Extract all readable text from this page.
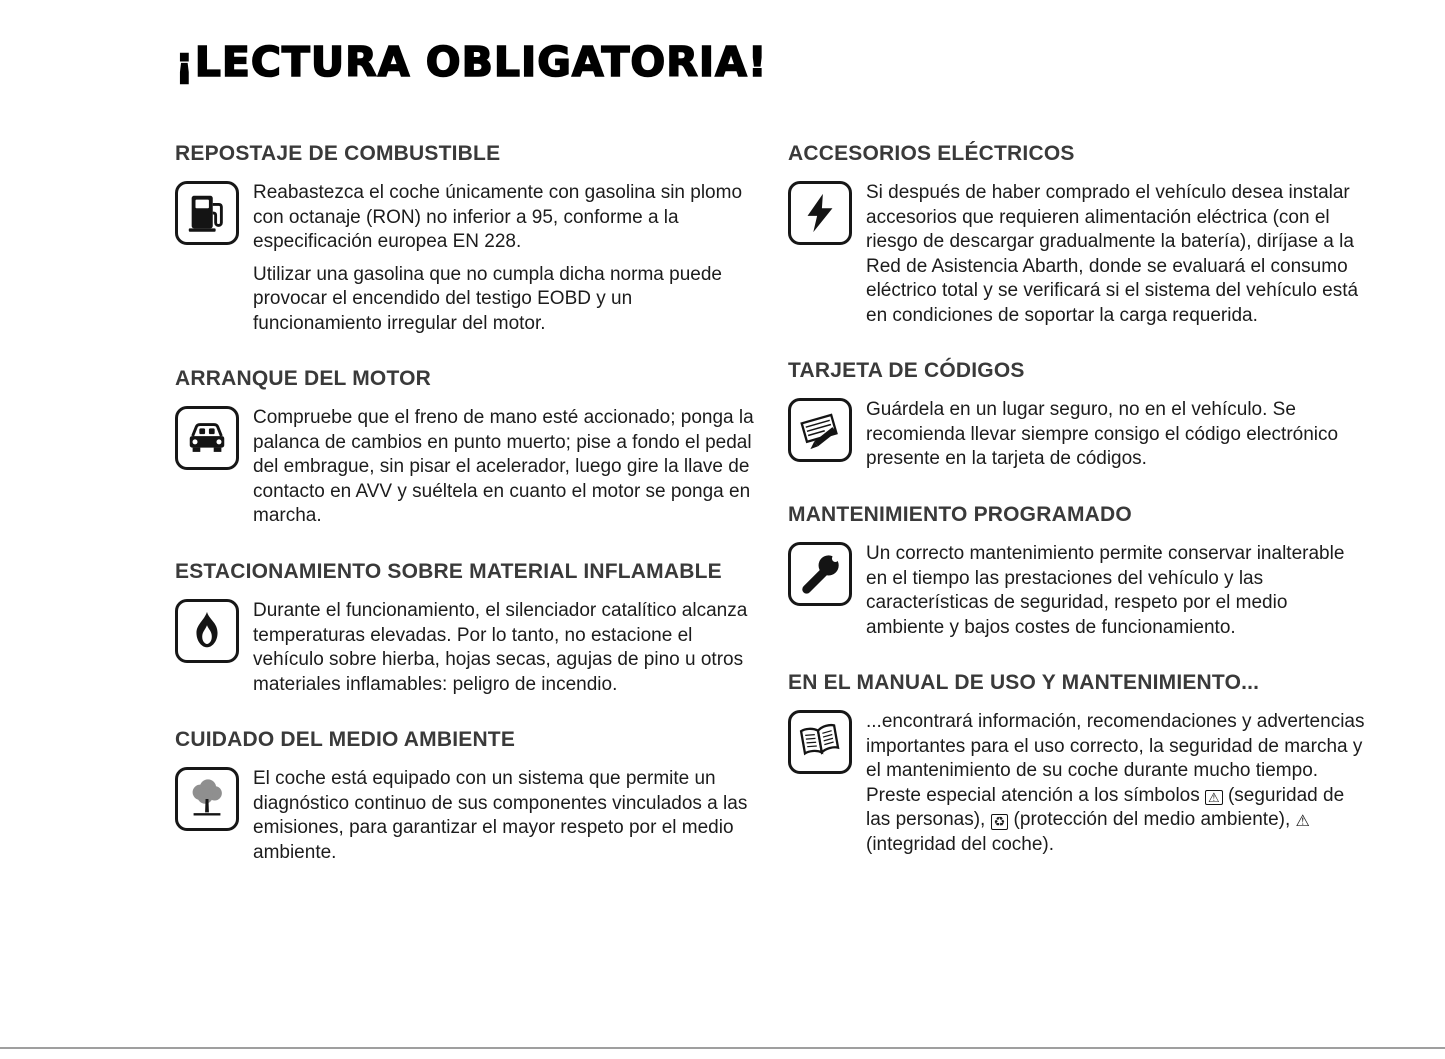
¡LECTURA OBLIGATORIA!
REPOSTAJE DE COMBUSTIBLE

Reabastezca el coche únicamente con gasolina sin plomo con octanaje (RON) no inferior a 95, conforme a la especificación europea EN 228.

Utilizar una gasolina que no cumpla dicha norma puede provocar el encendido del testigo EOBD y un funcionamiento irregular del motor.

ARRANQUE DEL MOTOR

Compruebe que el freno de mano esté accionado; ponga la palanca de cambios en punto muerto; pise a fondo el pedal del embrague, sin pisar el acelerador, luego gire la llave de contacto en AVV y suéltela en cuanto el motor se ponga en marcha.

ESTACIONAMIENTO SOBRE MATERIAL INFLAMABLE

Durante el funcionamiento, el silenciador catalítico alcanza temperaturas elevadas. Por lo tanto, no estacione el vehículo sobre hierba, hojas secas, agujas de pino u otros materiales inflamables: peligro de incendio.

CUIDADO DEL MEDIO AMBIENTE

El coche está equipado con un sistema que permite un diagnóstico continuo de sus componentes vinculados a las emisiones, para garantizar el mayor respeto por el medio ambiente.

ACCESORIOS ELÉCTRICOS

Si después de haber comprado el vehículo desea instalar accesorios que requieren alimentación eléctrica (con el riesgo de descargar gradualmente la batería), diríjase a la Red de Asistencia Abarth, donde se evaluará el consumo eléctrico total y se verificará si el sistema del vehículo está en condiciones de soportar la carga requerida.

TARJETA DE CÓDIGOS

Guárdela en un lugar seguro, no en el vehículo. Se recomienda llevar siempre consigo el código electrónico presente en la tarjeta de códigos.

MANTENIMIENTO PROGRAMADO

Un correcto mantenimiento permite conservar inalterable en el tiempo las prestaciones del vehículo y las características de seguridad, respeto por el medio ambiente y bajos costes de funcionamiento.

EN EL MANUAL DE USO Y MANTENIMIENTO...

...encontrará información, recomendaciones y advertencias importantes para el uso correcto, la seguridad de marcha y el mantenimiento de su coche durante mucho tiempo. Preste especial atención a los símbolos ⚠ (seguridad de las personas), ♻ (protección del medio ambiente), ⚠ (integridad del coche).
